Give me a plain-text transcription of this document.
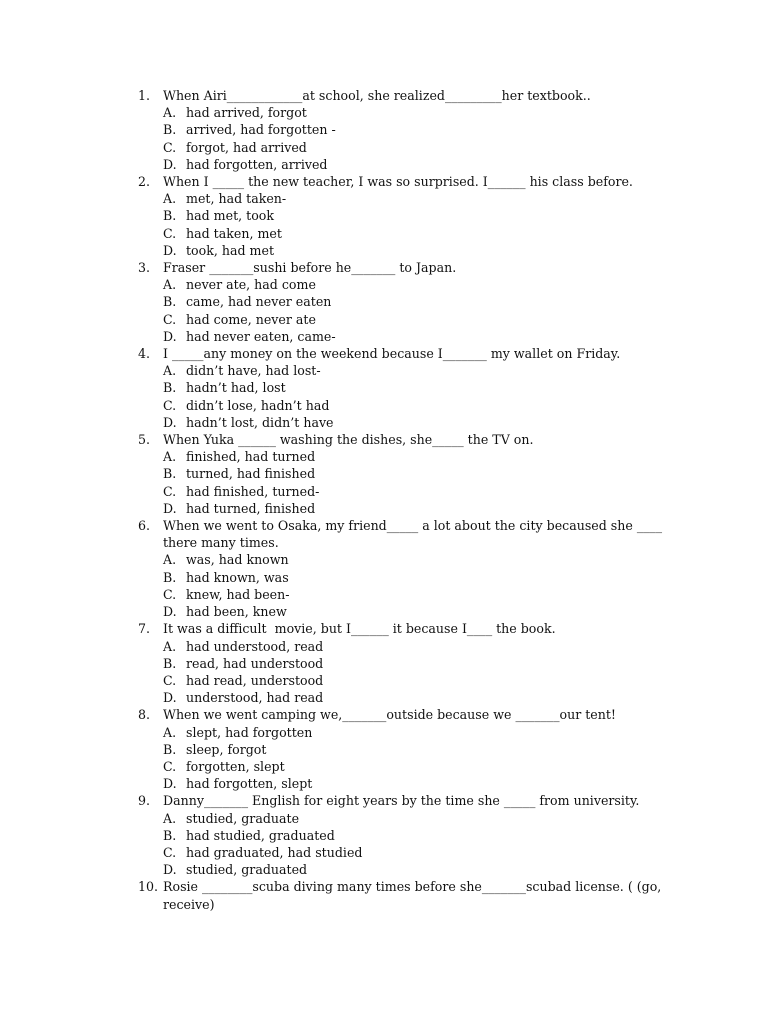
1.	When Airi____________at school, she realized_________her textbook..
A. had arrived, forgot
B. arrived, had forgotten -
C. forgot, had arrived
D. had forgotten, arrived
2.	When I _____ the new teacher, I was so surprised. I______ his class before.
A. met, had taken-
B. had met, took
C. had taken, met
D. took, had met
3.	Fraser _______sushi before he_______ to Japan.
A. never ate, had come
B. came, had never eaten
C. had come, never ate
D. had never eaten, came-
4.	I _____any money on the weekend because I_______ my wallet on Friday.
A. didn’t have, had lost-
B. hadn’t had, lost
C. didn’t lose, hadn’t had
D. hadn’t lost, didn’t have
5.	When Yuka ______ washing the dishes, she_____ the TV on.
A. finished, had turned
B. turned, had finished
C. had finished, turned-
D. had turned, finished
6.	When we went to Osaka, my friend_____ a lot about the city becaused she ____ there many times.
A. was, had known
B. had known, was
C. knew, had been-
D. had been, knew
7.	It was a difficult  movie, but I______ it because I____ the book.
A. had understood, read
B. read, had understood
C. had read, understood
D. understood, had read
8.	When we went camping we,_______outside because we _______our tent!
A. slept, had forgotten
B. sleep, forgot
C. forgotten, slept
D. had forgotten, slept
9.	Danny_______ English for eight years by the time she _____ from university.
A. studied, graduate
B. had studied, graduated
C. had graduated, had studied
D. studied, graduated
10. Rosie ________scuba diving many times before she_______scubad license. ( (go, receive)
